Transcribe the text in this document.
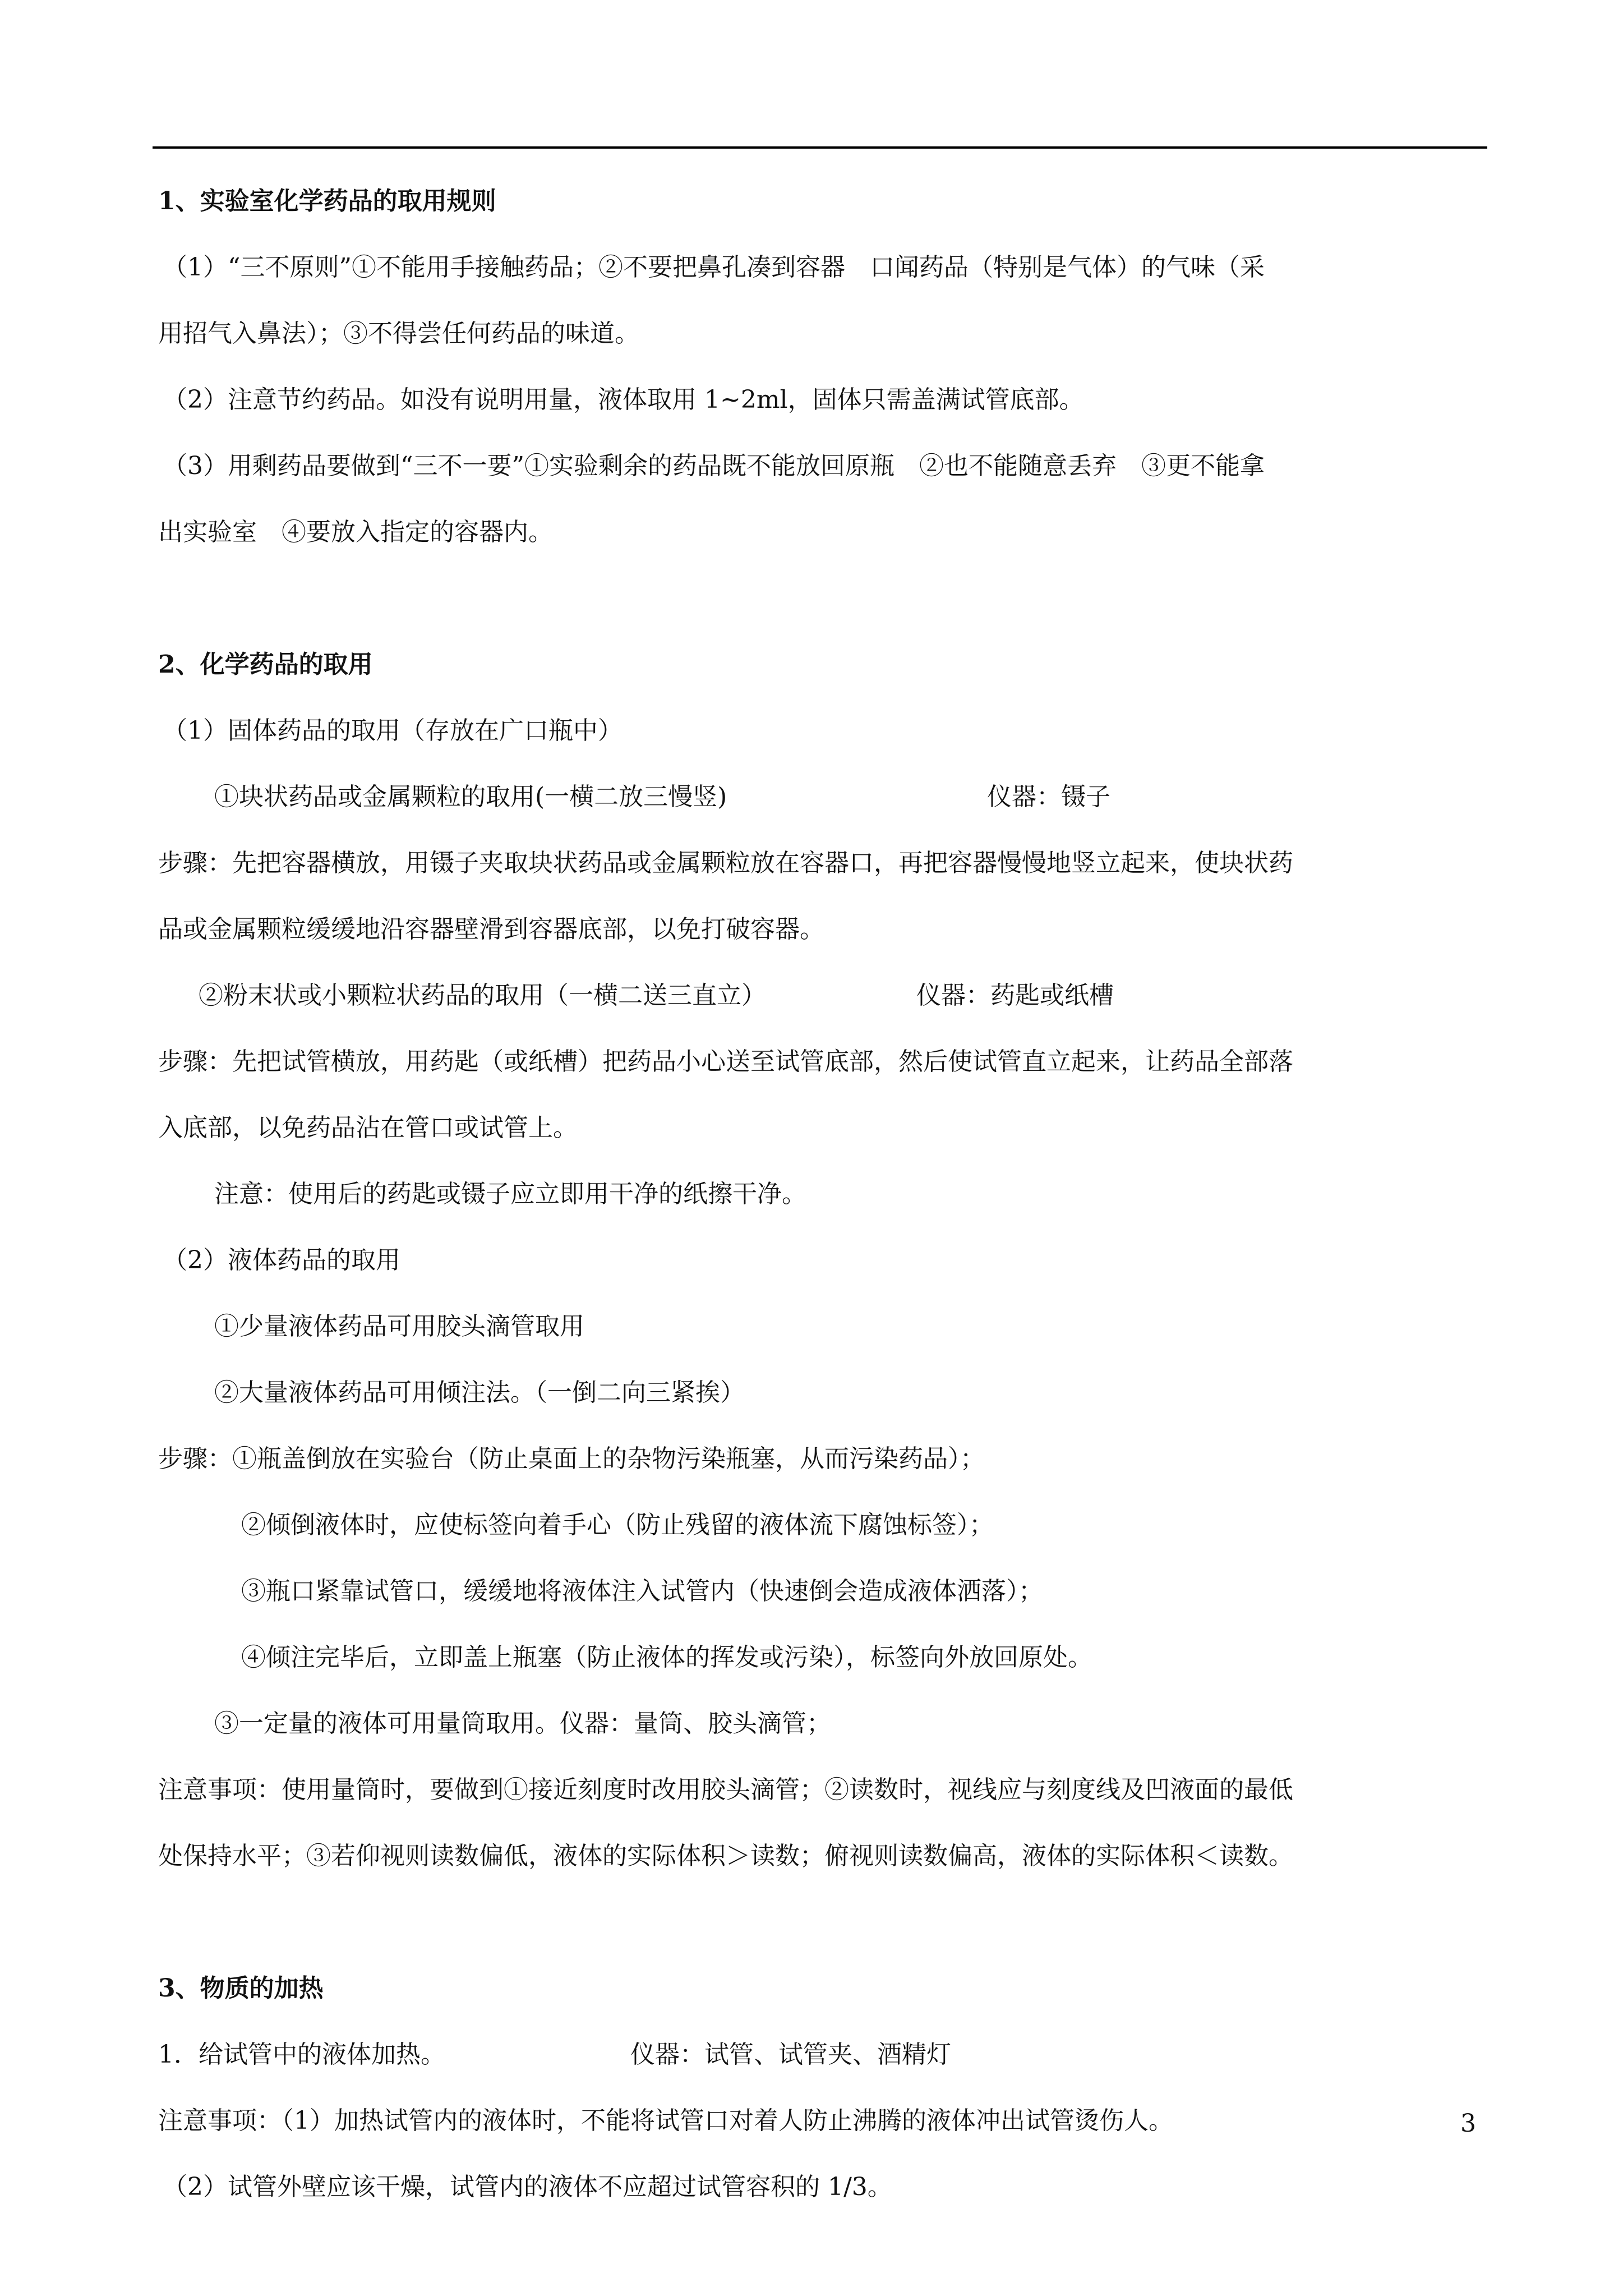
1、实验室化学药品的取用规则
（1）“三不原则”①不能用手接触药品；②不要把鼻孔凑到容器　口闻药品（特别是气体）的气味（采
用招气入鼻法）；③不得尝任何药品的味道。
（2）注意节约药品。如没有说明用量，液体取用 1~2ml，固体只需盖满试管底部。
（3）用剩药品要做到“三不一要”①实验剩余的药品既不能放回原瓶　②也不能随意丢弃　③更不能拿
出实验室　④要放入指定的容器内。
2、化学药品的取用
（1）固体药品的取用（存放在广口瓶中）
①块状药品或金属颗粒的取用(一横二放三慢竖)	仪器：镊子
步骤：先把容器横放，用镊子夹取块状药品或金属颗粒放在容器口，再把容器慢慢地竖立起来，使块状药
品或金属颗粒缓缓地沿容器壁滑到容器底部，以免打破容器。
②粉末状或小颗粒状药品的取用（一横二送三直立）	仪器：药匙或纸槽
步骤：先把试管横放，用药匙（或纸槽）把药品小心送至试管底部，然后使试管直立起来，让药品全部落
入底部，以免药品沾在管口或试管上。
注意：使用后的药匙或镊子应立即用干净的纸擦干净。
（2）液体药品的取用
①少量液体药品可用胶头滴管取用
②大量液体药品可用倾注法。（一倒二向三紧挨）
步骤：①瓶盖倒放在实验台（防止桌面上的杂物污染瓶塞，从而污染药品）；
②倾倒液体时，应使标签向着手心（防止残留的液体流下腐蚀标签）；
③瓶口紧靠试管口，缓缓地将液体注入试管内（快速倒会造成液体洒落）；
④倾注完毕后，立即盖上瓶塞（防止液体的挥发或污染），标签向外放回原处。
③一定量的液体可用量筒取用。仪器：量筒、胶头滴管；
注意事项：使用量筒时，要做到①接近刻度时改用胶头滴管；②读数时，视线应与刻度线及凹液面的最低
处保持水平；③若仰视则读数偏低，液体的实际体积＞读数；俯视则读数偏高，液体的实际体积＜读数。
3、物质的加热
1．给试管中的液体加热。	仪器：试管、试管夹、酒精灯
注意事项：（1）加热试管内的液体时，不能将试管口对着人防止沸腾的液体冲出试管烫伤人。
（2）试管外壁应该干燥，试管内的液体不应超过试管容积的 1/3。
3
